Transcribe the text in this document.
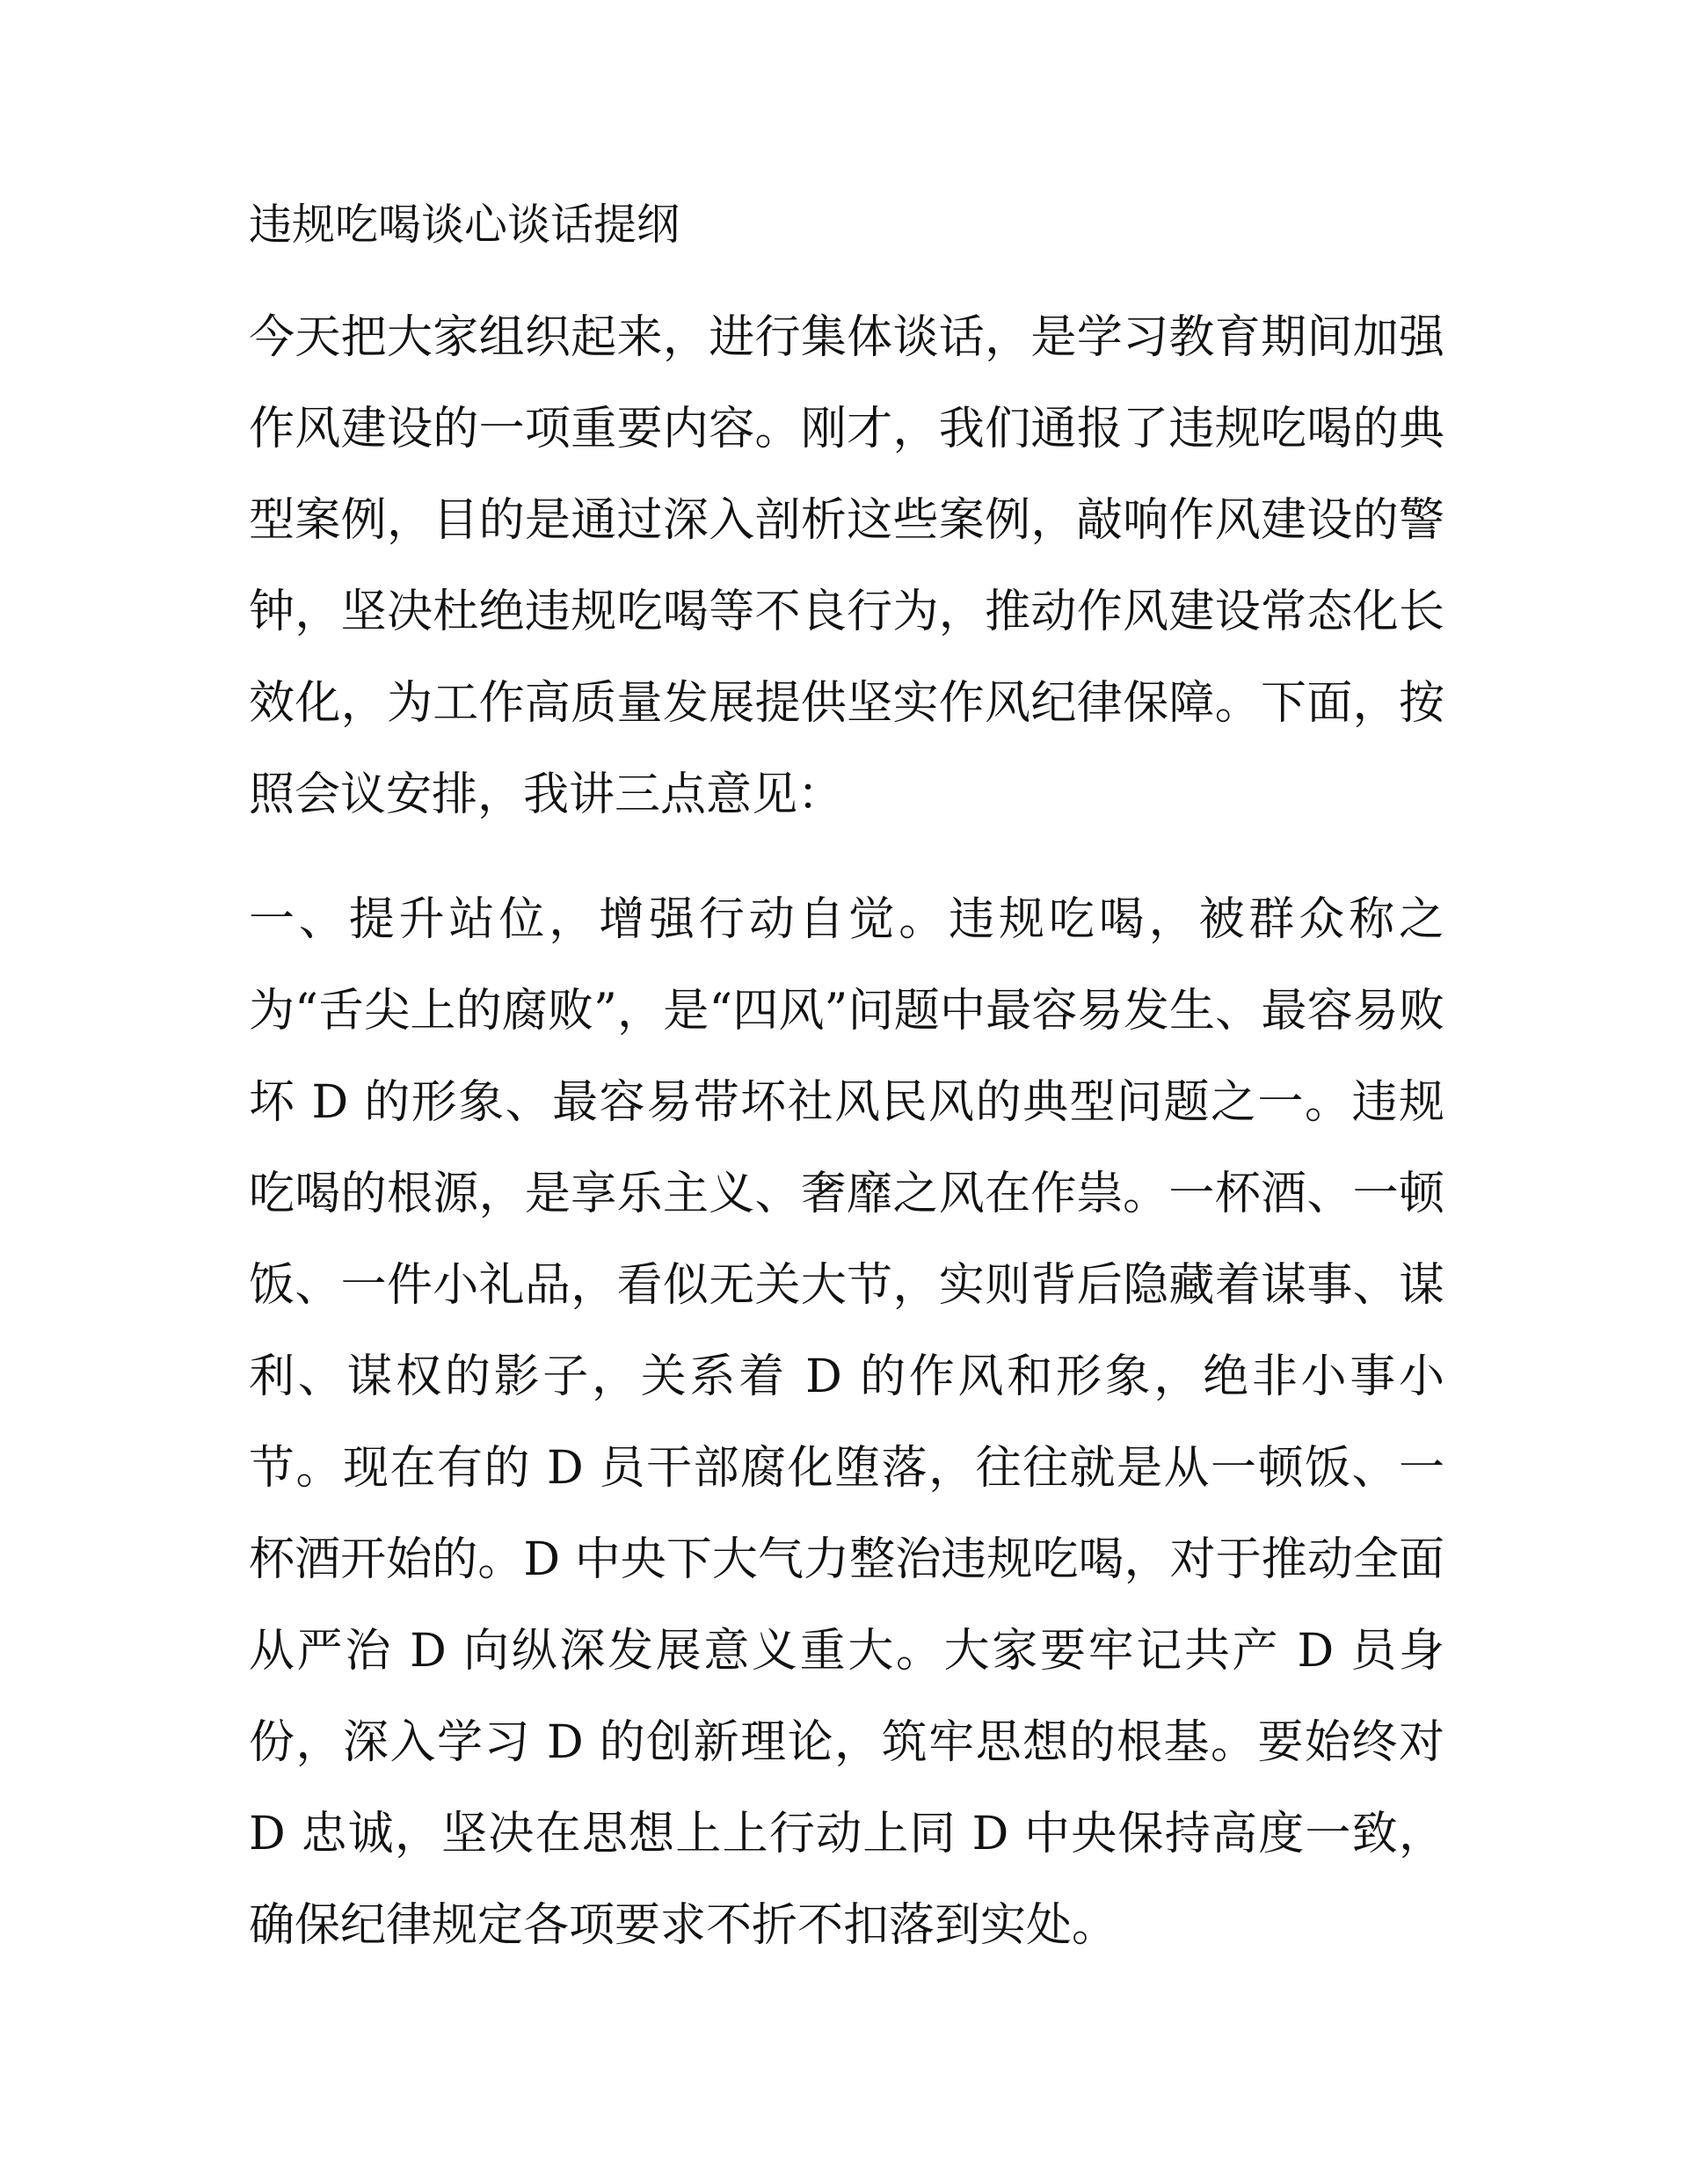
违规吃喝谈心谈话提纲

今天把大家组织起来，进行集体谈话，是学习教育期间加强作风建设的一项重要内容。刚才，我们通报了违规吃喝的典型案例，目的是通过深入剖析这些案例，敲响作风建设的警钟，坚决杜绝违规吃喝等不良行为，推动作风建设常态化长效化，为工作高质量发展提供坚实作风纪律保障。下面，按照会议安排，我讲三点意见：

一、提升站位，增强行动自觉。违规吃喝，被群众称之为“舌尖上的腐败”，是“四风”问题中最容易发生、最容易败坏 D 的形象、最容易带坏社风民风的典型问题之一。违规吃喝的根源，是享乐主义、奢靡之风在作祟。一杯酒、一顿饭、一件小礼品，看似无关大节，实则背后隐藏着谋事、谋利、谋权的影子，关系着 D 的作风和形象，绝非小事小节。现在有的 D 员干部腐化堕落，往往就是从一顿饭、一杯酒开始的。D 中央下大气力整治违规吃喝，对于推动全面从严治 D 向纵深发展意义重大。大家要牢记共产 D 员身份，深入学习 D 的创新理论，筑牢思想的根基。要始终对 D 忠诚，坚决在思想上上行动上同 D 中央保持高度一致，确保纪律规定各项要求不折不扣落到实处。
